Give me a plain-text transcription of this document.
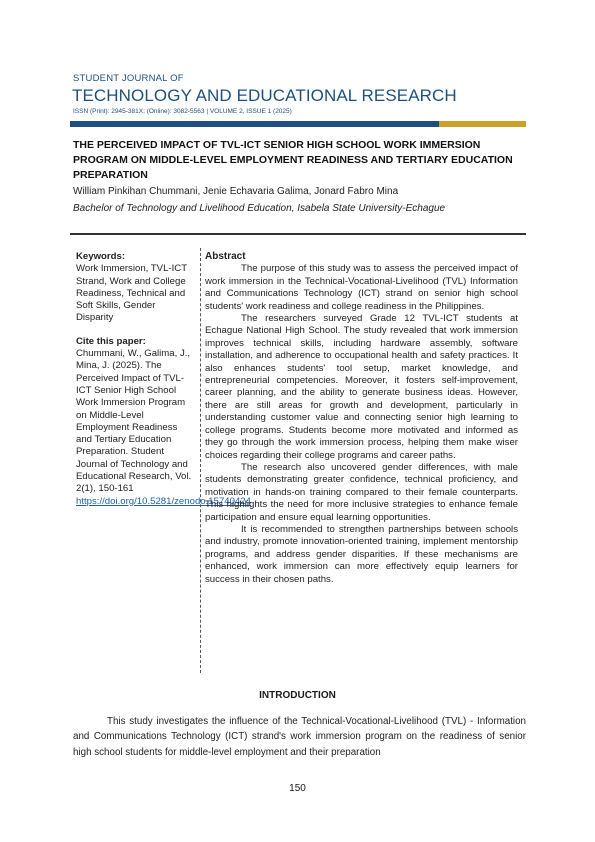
STUDENT JOURNAL OF
TECHNOLOGY AND EDUCATIONAL RESEARCH
ISSN (Print): 2945-381X; (Online): 3082-5563 | VOLUME 2, ISSUE 1 (2025)
THE PERCEIVED IMPACT OF TVL-ICT SENIOR HIGH SCHOOL WORK IMMERSION PROGRAM ON MIDDLE-LEVEL EMPLOYMENT READINESS AND TERTIARY EDUCATION PREPARATION
William Pinkihan Chummani, Jenie Echavaria Galima, Jonard Fabro Mina
Bachelor of Technology and Livelihood Education, Isabela State University-Echague
Keywords:
Work Immersion, TVL-ICT Strand, Work and College Readiness, Technical and Soft Skills, Gender Disparity
Cite this paper:
Chummani, W., Galima, J., Mina, J. (2025). The Perceived Impact of TVL-ICT Senior High School Work Immersion Program on Middle-Level Employment Readiness and Tertiary Education Preparation. Student Journal of Technology and Educational Research, Vol. 2(1), 150-161
https://doi.org/10.5281/zenodo.15740424
Abstract

The purpose of this study was to assess the perceived impact of work immersion in the Technical-Vocational-Livelihood (TVL) Information and Communications Technology (ICT) strand on senior high school students' work readiness and college readiness in the Philippines.

The researchers surveyed Grade 12 TVL-ICT students at Echague National High School. The study revealed that work immersion improves technical skills, including hardware assembly, software installation, and adherence to occupational health and safety practices. It also enhances students' tool setup, market knowledge, and entrepreneurial competencies. Moreover, it fosters self-improvement, career planning, and the ability to generate business ideas. However, there are still areas for growth and development, particularly in understanding customer value and connecting senior high learning to college programs. Students become more motivated and informed as they go through the work immersion process, helping them make wiser choices regarding their college programs and career paths.

The research also uncovered gender differences, with male students demonstrating greater confidence, technical proficiency, and motivation in hands-on training compared to their female counterparts. This highlights the need for more inclusive strategies to enhance female participation and ensure equal learning opportunities.

It is recommended to strengthen partnerships between schools and industry, promote innovation-oriented training, implement mentorship programs, and address gender disparities. If these mechanisms are enhanced, work immersion can more effectively equip learners for success in their chosen paths.

INTRODUCTION

This study investigates the influence of the Technical-Vocational-Livelihood (TVL) - Information and Communications Technology (ICT) strand's work immersion program on the readiness of senior high school students for middle-level employment and their preparation

150
